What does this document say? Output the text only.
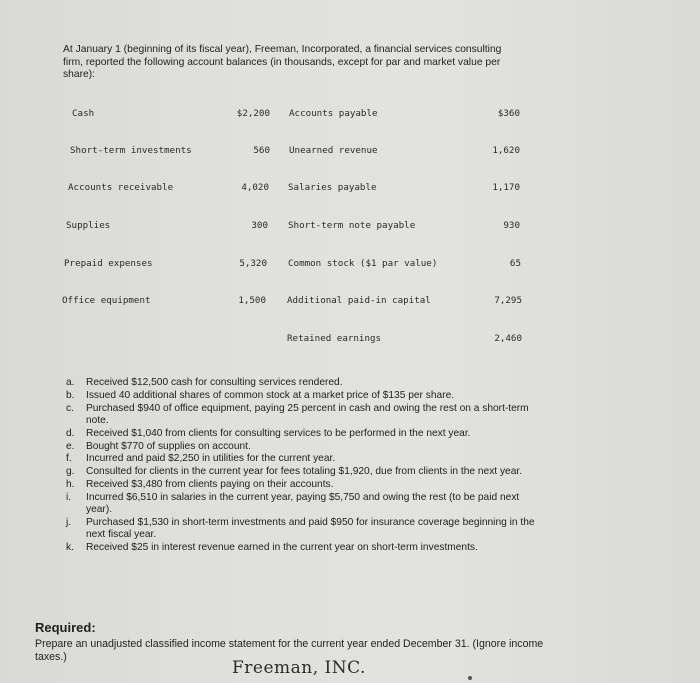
At January 1 (beginning of its fiscal year), Freeman, Incorporated, a financial services consulting firm, reported the following account balances (in thousands, except for par and market value per share):
Cash	$2,200 Accounts payable	$360
Short-term investments	560 Unearned revenue	1,620
Accounts receivable	4,020 Salaries payable	1,170
Supplies	300 Short-term note payable	930
Prepaid expenses	5,320 Common stock ($1 par value)	65
Office equipment	1,500 Additional paid-in capital	7,295
Retained earnings	2,460
a.	Received $12,500 cash for consulting services rendered.
b.	Issued 40 additional shares of common stock at a market price of $135 per share.
c.	Purchased $940 of office equipment, paying 25 percent in cash and owing the rest on a short-term note.
d.	Received $1,040 from clients for consulting services to be performed in the next year.
e.	Bought $770 of supplies on account.
f.	Incurred and paid $2,250 in utilities for the current year.
g.	Consulted for clients in the current year for fees totaling $1,920, due from clients in the next year.
h.	Received $3,480 from clients paying on their accounts.
i.	Incurred $6,510 in salaries in the current year, paying $5,750 and owing the rest (to be paid next year).
j.	Purchased $1,530 in short-term investments and paid $950 for insurance coverage beginning in the next fiscal year.
k.	Received $25 in interest revenue earned in the current year on short-term investments.
Required:
Prepare an unadjusted classified income statement for the current year ended December 31. (Ignore income taxes.)
Freeman, INC.
